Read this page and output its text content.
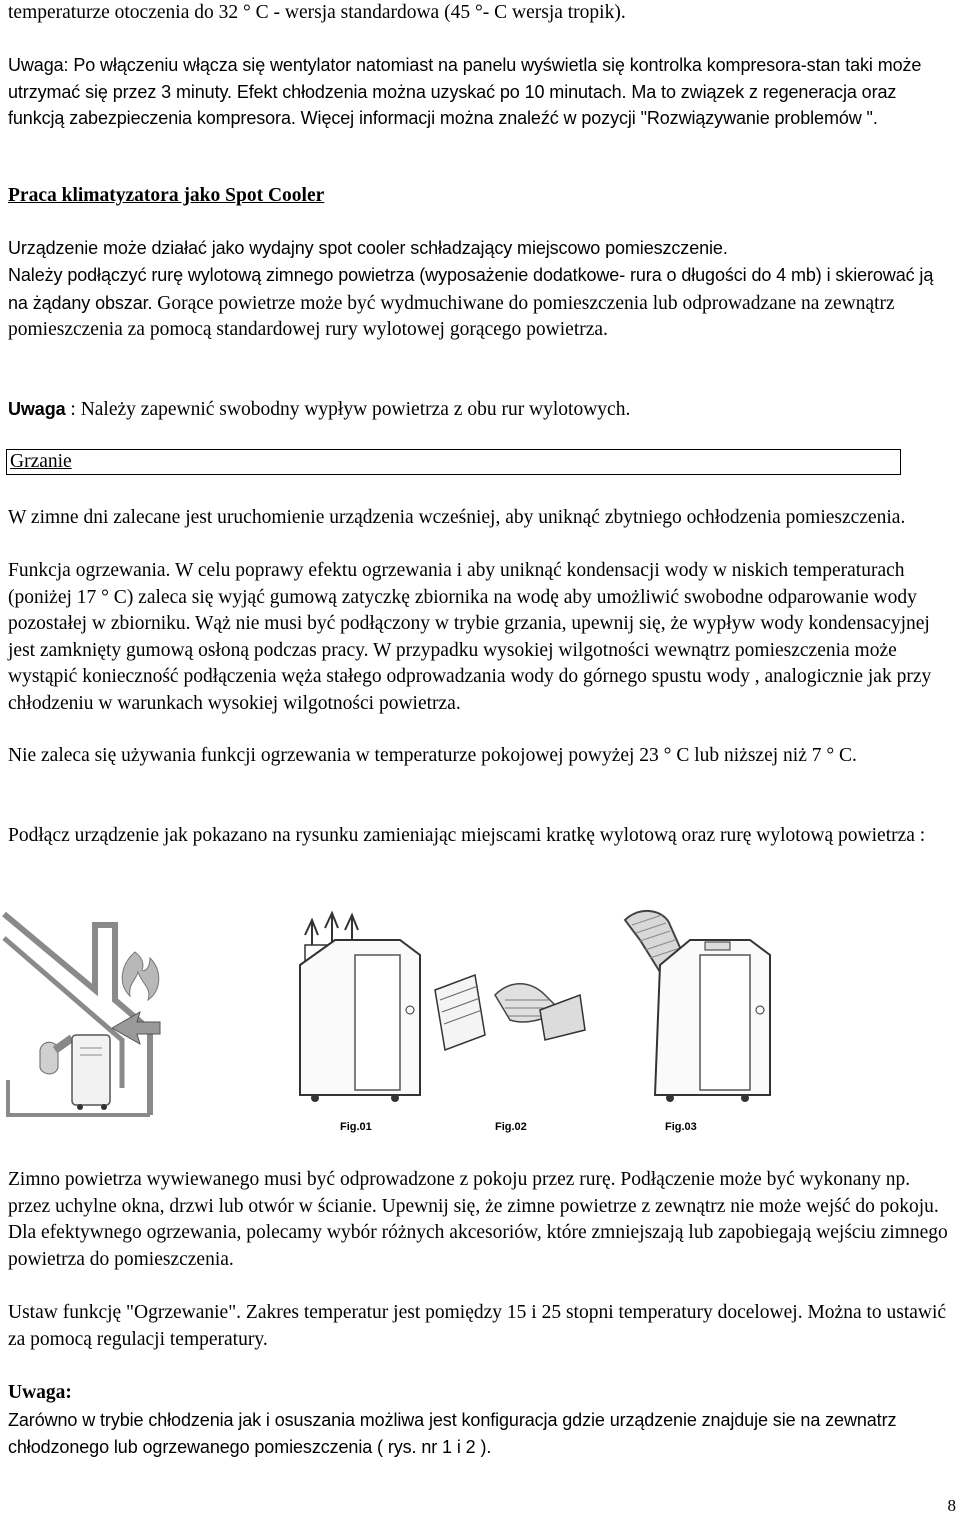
temperaturze otoczenia do 32 ° C - wersja standardowa (45 °- C wersja tropik).

Uwaga: Po włączeniu włącza się wentylator natomiast na panelu wyświetla się kontrolka kompresora-stan taki może utrzymać się przez 3 minuty. Efekt chłodzenia można uzyskać po 10 minutach. Ma to związek z regeneracja oraz funkcją zabezpieczenia kompresora. Więcej informacji można znaleźć w pozycji "Rozwiązywanie problemów ".

Praca klimatyzatora jako Spot Cooler

Urządzenie może działać jako wydajny spot cooler schładzający miejscowo pomieszczenie.

Należy podłączyć rurę wylotową zimnego powietrza (wyposażenie dodatkowe- rura o długości do 4 mb) i skierować ją na żądany obszar. Gorące powietrze może być wydmuchiwane do pomieszczenia lub odprowadzane na zewnątrz pomieszczenia za pomocą standardowej rury wylotowej gorącego powietrza.

Uwaga : Należy zapewnić swobodny wypływ powietrza z obu rur wylotowych.

Grzanie

W zimne dni zalecane jest uruchomienie urządzenia wcześniej, aby uniknąć zbytniego ochłodzenia pomieszczenia.

Funkcja ogrzewania. W celu poprawy efektu ogrzewania i aby uniknąć kondensacji wody w niskich temperaturach (poniżej 17 ° C) zaleca się wyjąć gumową zatyczkę zbiornika na wodę aby umożliwić swobodne odparowanie wody pozostałej w zbiorniku. Wąż nie musi być podłączony w trybie grzania, upewnij się, że wypływ wody kondensacyjnej jest zamknięty gumową osłoną podczas pracy. W przypadku wysokiej wilgotności wewnątrz pomieszczenia może wystąpić konieczność podłączenia węża stałego odprowadzania wody do górnego spustu wody , analogicznie jak przy chłodzeniu w warunkach wysokiej wilgotności powietrza.

Nie zaleca się używania funkcji ogrzewania w temperaturze pokojowej powyżej 23 ° C lub niższej niż 7 ° C.

Podłącz urządzenie jak pokazano na rysunku zamieniając miejscami kratkę wylotową oraz rurę wylotową powietrza :

Fig.01	Fig.02	Fig.03

Zimno powietrza wywiewanego musi być odprowadzone z pokoju przez rurę. Podłączenie może być wykonany np. przez uchylne okna, drzwi lub otwór w ścianie. Upewnij się, że zimne powietrze z zewnątrz nie może wejść do pokoju. Dla efektywnego ogrzewania, polecamy wybór różnych akcesoriów, które zmniejszają lub zapobiegają wejściu zimnego powietrza do pomieszczenia.

Ustaw funkcję "Ogrzewanie". Zakres temperatur jest pomiędzy 15 i 25 stopni temperatury docelowej. Można to ustawić za pomocą regulacji temperatury.

Uwaga:

Zarówno w trybie chłodzenia jak i osuszania możliwa jest konfiguracja gdzie urządzenie znajduje sie na zewnatrz chłodzonego lub ogrzewanego pomieszczenia ( rys. nr 1 i 2 ).

8
